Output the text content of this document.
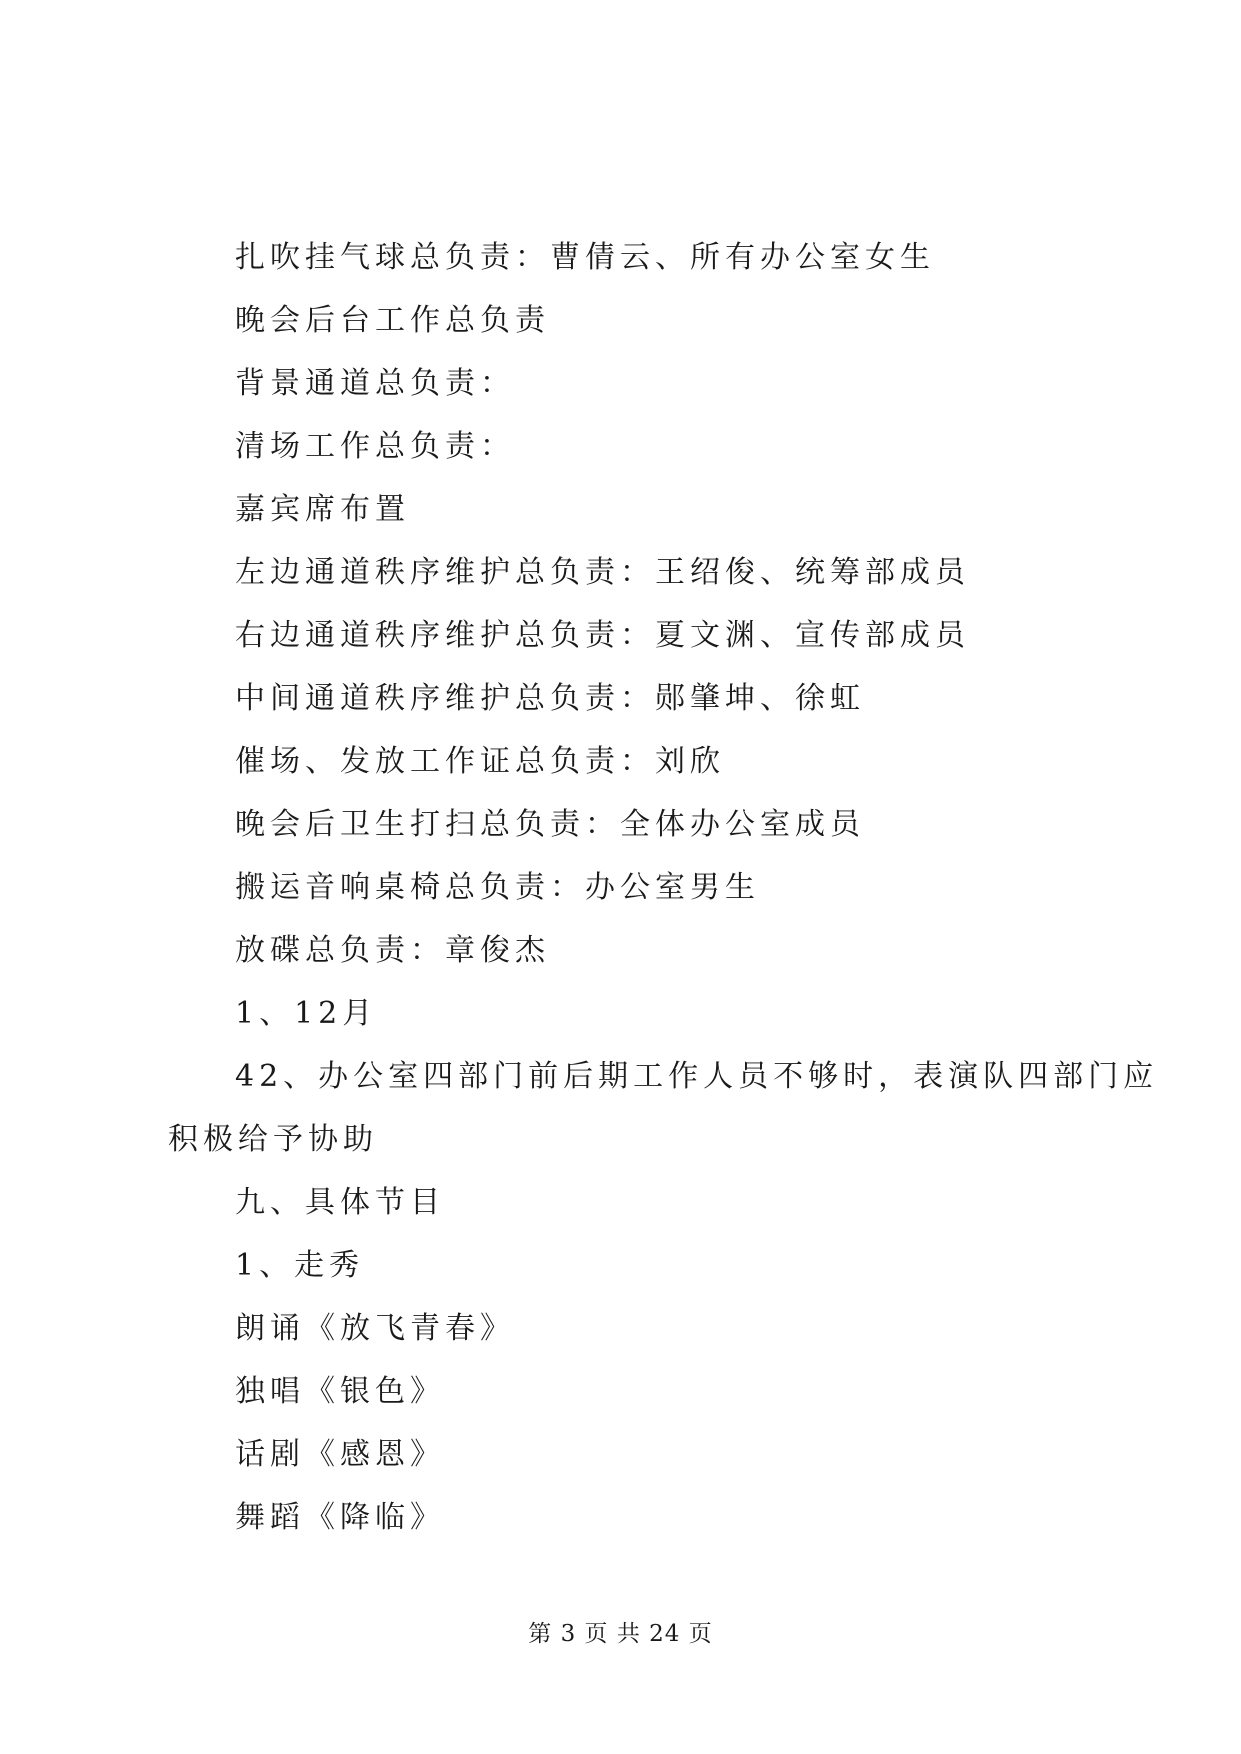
扎吹挂气球总负责：曹倩云、所有办公室女生
晚会后台工作总负责
背景通道总负责：
清场工作总负责：
嘉宾席布置
左边通道秩序维护总负责：王绍俊、统筹部成员
右边通道秩序维护总负责：夏文渊、宣传部成员
中间通道秩序维护总负责：郧肇坤、徐虹
催场、发放工作证总负责：刘欣
晚会后卫生打扫总负责：全体办公室成员
搬运音响桌椅总负责：办公室男生
放碟总负责：章俊杰
1、12月
42、办公室四部门前后期工作人员不够时，表演队四部门应
积极给予协助
九、具体节目
1、走秀
朗诵《放飞青春》
独唱《银色》
话剧《感恩》
舞蹈《降临》
第 3 页 共 24 页
